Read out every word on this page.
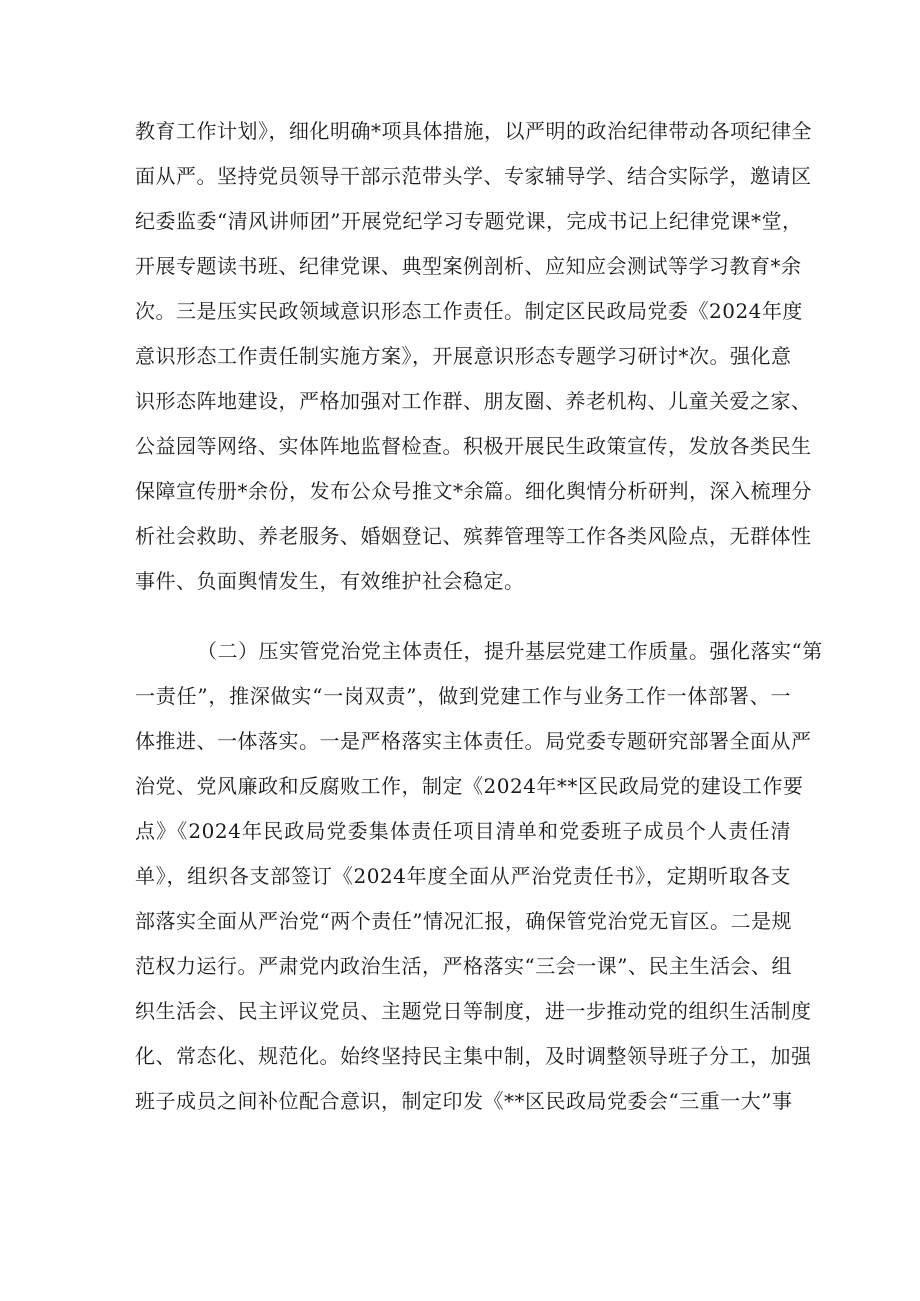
教育工作计划》，细化明确*项具体措施，以严明的政治纪律带动各项纪律全
面从严。坚持党员领导干部示范带头学、专家辅导学、结合实际学，邀请区
纪委监委“清风讲师团”开展党纪学习专题党课，完成书记上纪律党课*堂，
开展专题读书班、纪律党课、典型案例剖析、应知应会测试等学习教育*余
次。三是压实民政领域意识形态工作责任。制定区民政局党委《2024年度
意识形态工作责任制实施方案》，开展意识形态专题学习研讨*次。强化意
识形态阵地建设，严格加强对工作群、朋友圈、养老机构、儿童关爱之家、
公益园等网络、实体阵地监督检查。积极开展民生政策宣传，发放各类民生
保障宣传册*余份，发布公众号推文*余篇。细化舆情分析研判，深入梳理分
析社会救助、养老服务、婚姻登记、殡葬管理等工作各类风险点，无群体性
事件、负面舆情发生，有效维护社会稳定。
（二）压实管党治党主体责任，提升基层党建工作质量。强化落实“第
一责任”，推深做实“一岗双责”，做到党建工作与业务工作一体部署、一
体推进、一体落实。一是严格落实主体责任。局党委专题研究部署全面从严
治党、党风廉政和反腐败工作，制定《2024年**区民政局党的建设工作要
点》《2024年民政局党委集体责任项目清单和党委班子成员个人责任清
单》，组织各支部签订《2024年度全面从严治党责任书》，定期听取各支
部落实全面从严治党“两个责任”情况汇报，确保管党治党无盲区。二是规
范权力运行。严肃党内政治生活，严格落实“三会一课”、民主生活会、组
织生活会、民主评议党员、主题党日等制度，进一步推动党的组织生活制度
化、常态化、规范化。始终坚持民主集中制，及时调整领导班子分工，加强
班子成员之间补位配合意识，制定印发《**区民政局党委会“三重一大”事
